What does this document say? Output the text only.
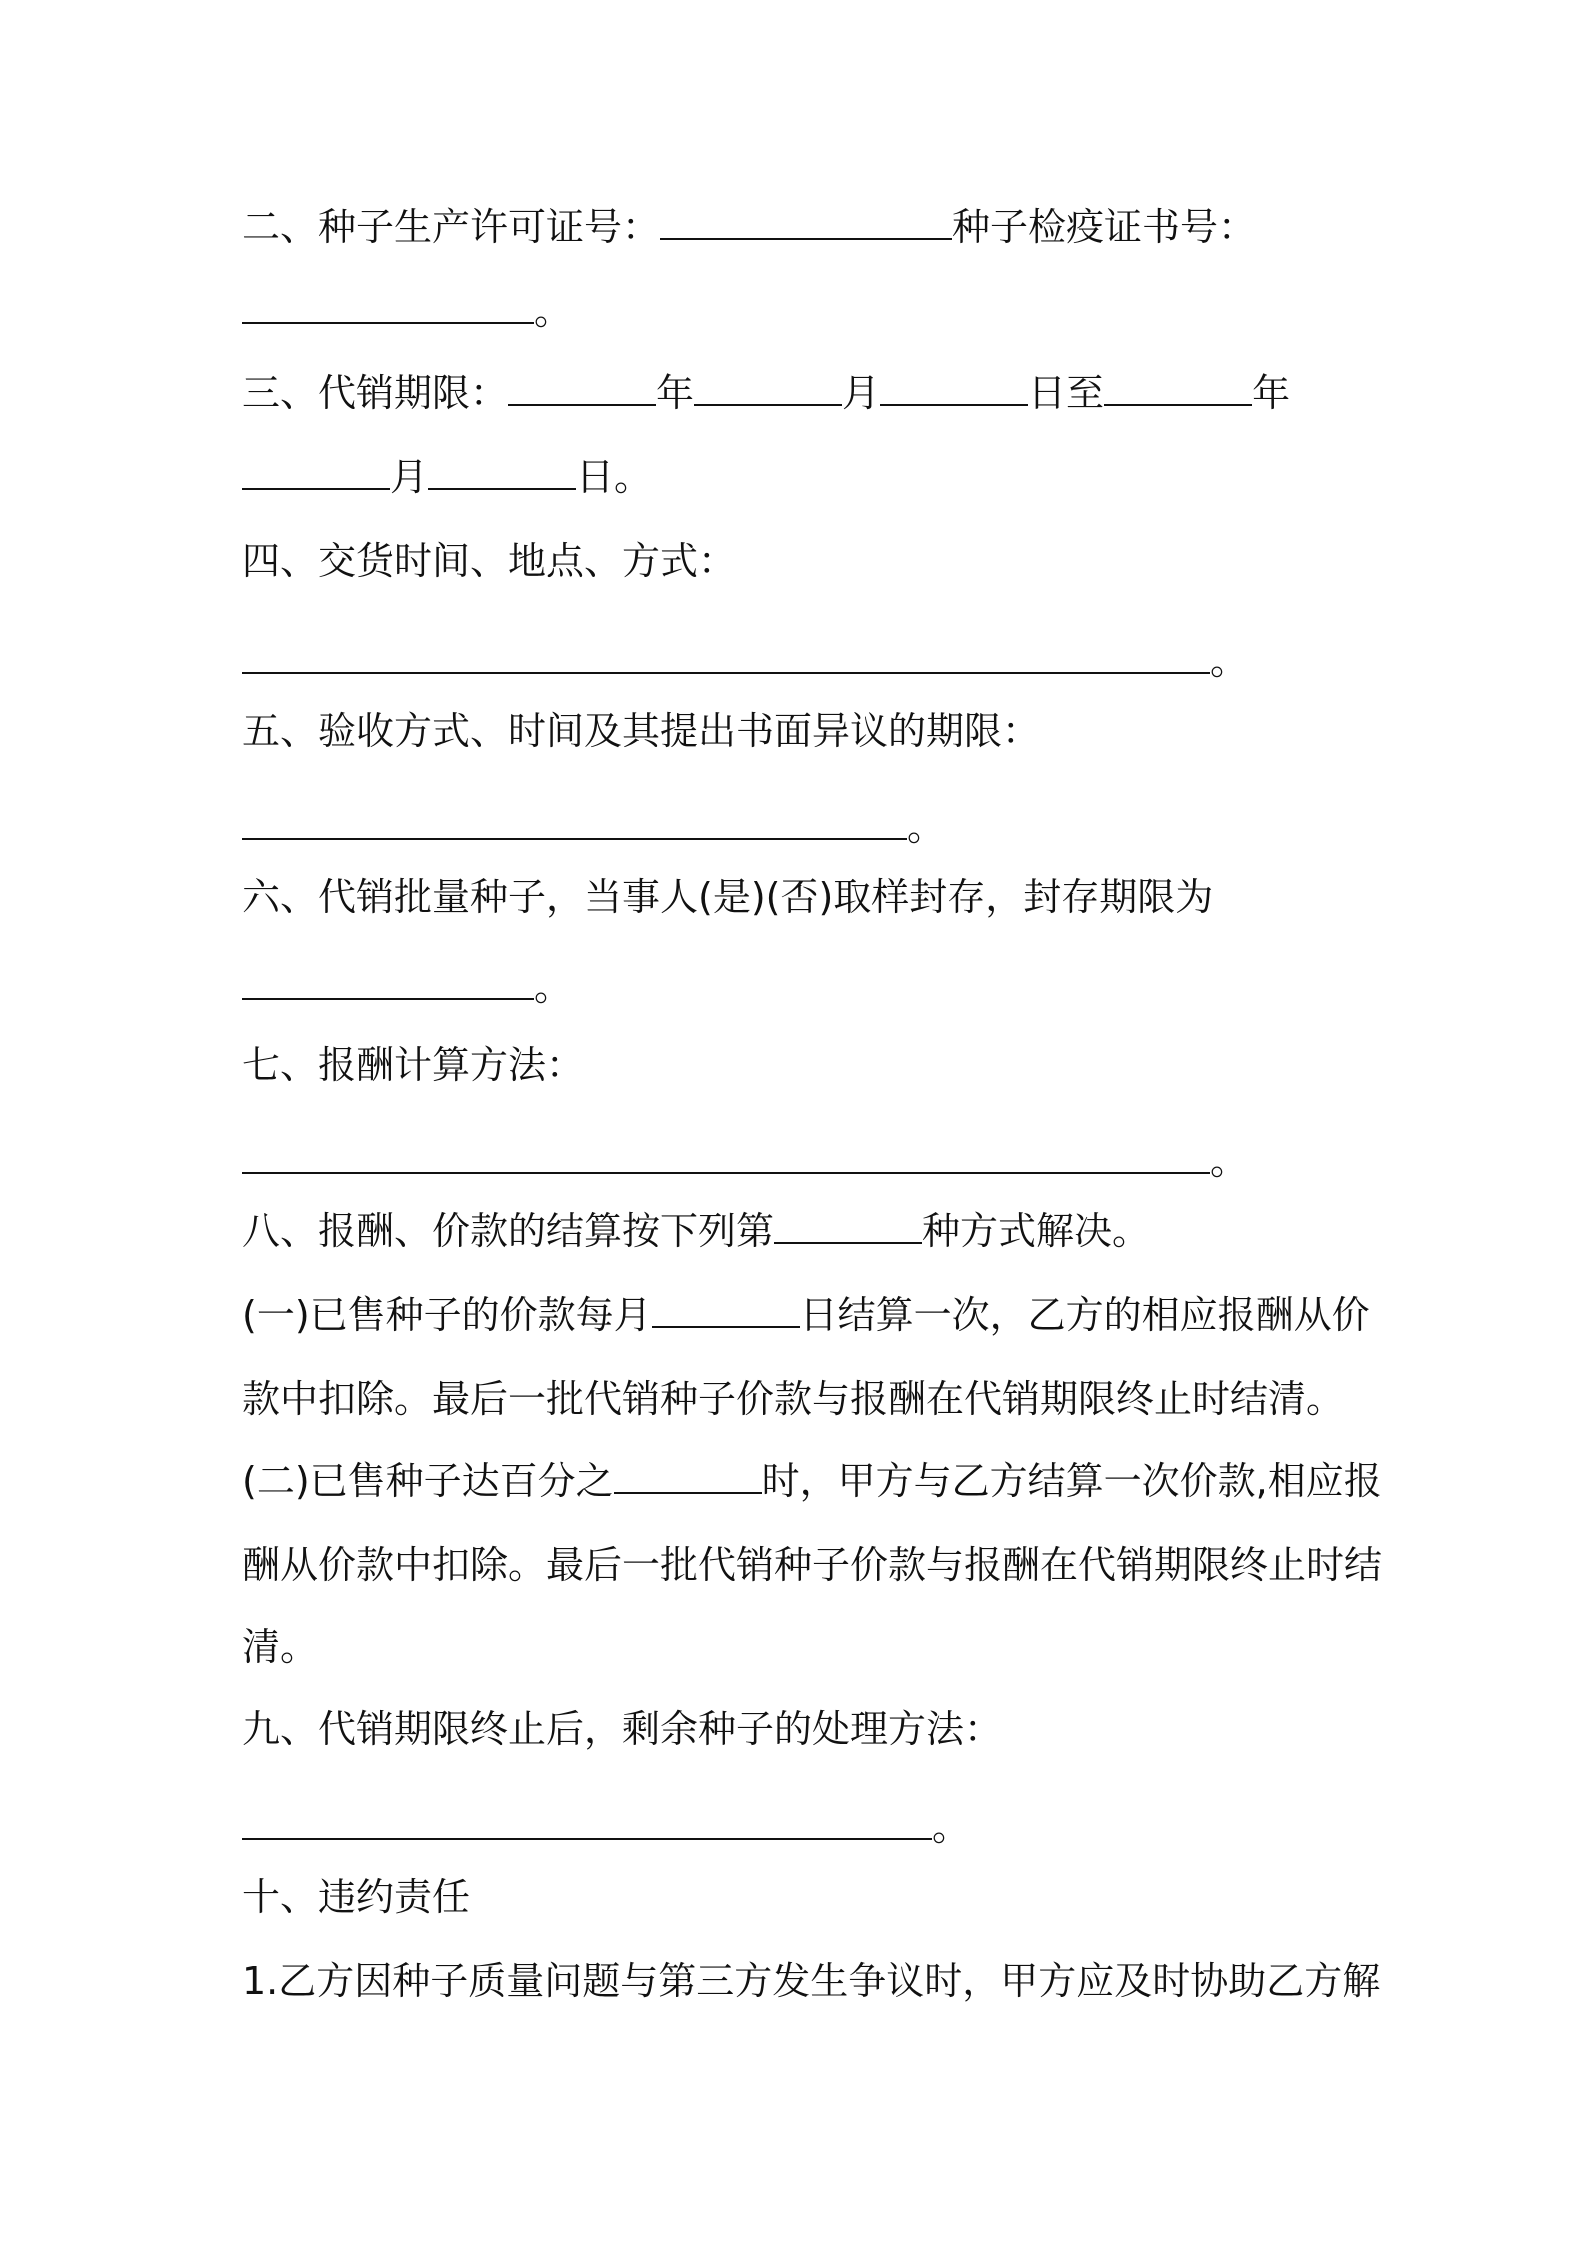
二、种子生产许可证号：	种子检疫证书号：
。
三、代销期限：	年	月	日至	年
月	日。
四、交货时间、地点、方式：
。
五、验收方式、时间及其提出书面异议的期限：
。
六、代销批量种子，当事人(是)(否)取样封存，封存期限为
。
七、报酬计算方法：
。
八、报酬、价款的结算按下列第	种方式解决。
(一)已售种子的价款每月	日结算一次，乙方的相应报酬从价
款中扣除。最后一批代销种子价款与报酬在代销期限终止时结清。
(二)已售种子达百分之	时，甲方与乙方结算一次价款,相应报
酬从价款中扣除。最后一批代销种子价款与报酬在代销期限终止时结
清。
九、代销期限终止后，剩余种子的处理方法：
。
十、违约责任
1.乙方因种子质量问题与第三方发生争议时，甲方应及时协助乙方解
